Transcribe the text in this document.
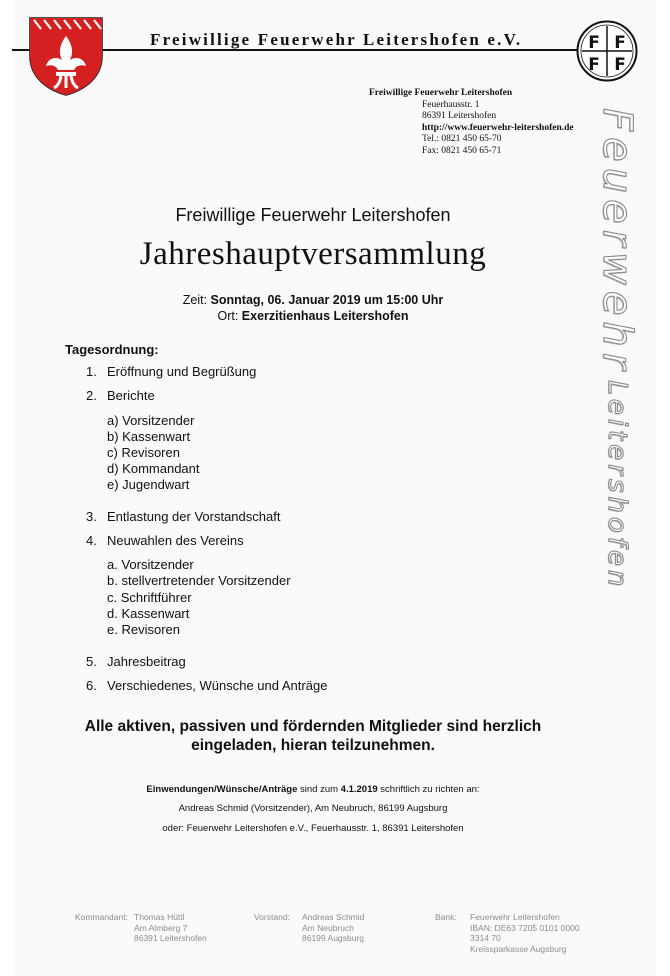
Freiwillige Feuerwehr Leitershofen e.V.	F F
F F
Freiwillige Feuerwehr Leitershofen
Feuerhausstr. 1
86391 Leitershofen
http://www.feuerwehr-leitershofen.de
Tel.: 0821 450 65-70
Fax: 0821 450 65-71 Feuerwehr Leitershofen
Freiwillige Feuerwehr Leitershofen
Jahreshauptversammlung
Zeit: Sonntag, 06. Januar 2019 um 15:00 Uhr
Ort: Exerzitienhaus Leitershofen
Tagesordnung:
1. Eröffnung und Begrüßung
2. Berichte
a) Vorsitzender
b) Kassenwart
c) Revisoren
d) Kommandant
e) Jugendwart
3. Entlastung der Vorstandschaft
4. Neuwahlen des Vereins
a. Vorsitzender
b. stellvertretender Vorsitzender
c. Schriftführer
d. Kassenwart
e. Revisoren
5. Jahresbeitrag
6. Verschiedenes, Wünsche und Anträge
Alle aktiven, passiven und fördernden Mitglieder sind herzlich
eingeladen, hieran teilzunehmen.
Einwendungen/Wünsche/Anträge sind zum 4.1.2019 schriftlich zu richten an:
Andreas Schmid (Vorsitzender), Am Neubruch, 86199 Augsburg
oder: Feuerwehr Leitershofen e.V., Feuerhausstr. 1, 86391 Leitershofen
Kommandant: Thomas Hüttl
Am Almberg 7
86391 Leitershofen
Vorstand: Andreas Schmid
Am Neubruch
86199 Augsburg
Bank: Feuerwehr Leitershofen
IBAN: DE63 7205 0101 0000
3314 70
Kreissparkasse Augsburg
